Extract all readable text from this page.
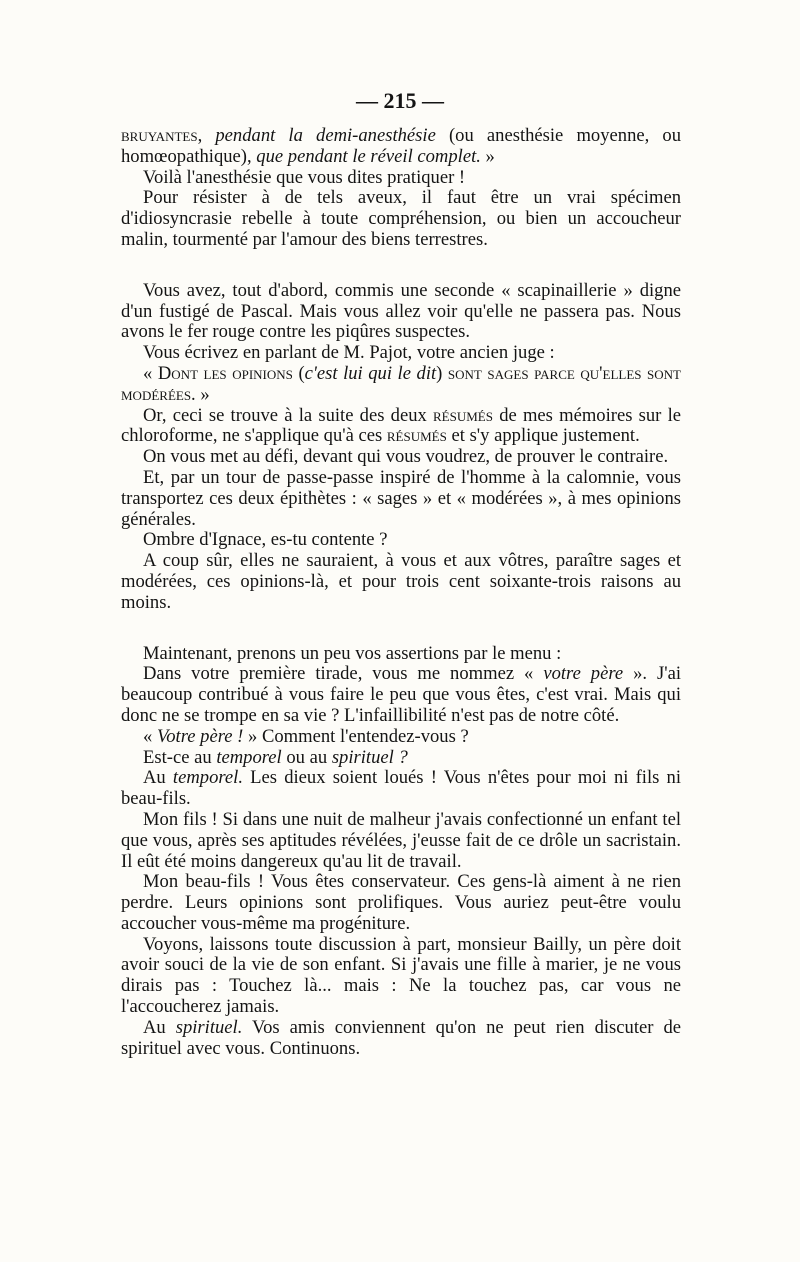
— 215 —

bruyantes, pendant la demi-anesthésie (ou anesthésie moyenne, ou homœopathique), que pendant le réveil complet. »

Voilà l'anesthésie que vous dites pratiquer !

Pour résister à de tels aveux, il faut être un vrai spécimen d'idiosyncrasie rebelle à toute compréhension, ou bien un accoucheur malin, tourmenté par l'amour des biens terrestres.

Vous avez, tout d'abord, commis une seconde « scapinaillerie » digne d'un fustigé de Pascal. Mais vous allez voir qu'elle ne passera pas. Nous avons le fer rouge contre les piqûres suspectes.

Vous écrivez en parlant de M. Pajot, votre ancien juge :

« Dont les opinions (c'est lui qui le dit) sont sages parce qu'elles sont modérées. »

Or, ceci se trouve à la suite des deux résumés de mes mémoires sur le chloroforme, ne s'applique qu'à ces résumés et s'y applique justement.

On vous met au défi, devant qui vous voudrez, de prouver le contraire.

Et, par un tour de passe-passe inspiré de l'homme à la calomnie, vous transportez ces deux épithètes : « sages » et « modérées », à mes opinions générales.

Ombre d'Ignace, es-tu contente ?

A coup sûr, elles ne sauraient, à vous et aux vôtres, paraître sages et modérées, ces opinions-là, et pour trois cent soixante-trois raisons au moins.

Maintenant, prenons un peu vos assertions par le menu :

Dans votre première tirade, vous me nommez « votre père ». J'ai beaucoup contribué à vous faire le peu que vous êtes, c'est vrai. Mais qui donc ne se trompe en sa vie ? L'infaillibilité n'est pas de notre côté.

« Votre père ! » Comment l'entendez-vous ?

Est-ce au temporel ou au spirituel ?

Au temporel. Les dieux soient loués ! Vous n'êtes pour moi ni fils ni beau-fils.

Mon fils ! Si dans une nuit de malheur j'avais confectionné un enfant tel que vous, après ses aptitudes révélées, j'eusse fait de ce drôle un sacristain. Il eût été moins dangereux qu'au lit de travail.

Mon beau-fils ! Vous êtes conservateur. Ces gens-là aiment à ne rien perdre. Leurs opinions sont prolifiques. Vous auriez peut-être voulu accoucher vous-même ma progéniture.

Voyons, laissons toute discussion à part, monsieur Bailly, un père doit avoir souci de la vie de son enfant. Si j'avais une fille à marier, je ne vous dirais pas : Touchez là... mais : Ne la touchez pas, car vous ne l'accoucherez jamais.

Au spirituel. Vos amis conviennent qu'on ne peut rien discuter de spirituel avec vous. Continuons.
